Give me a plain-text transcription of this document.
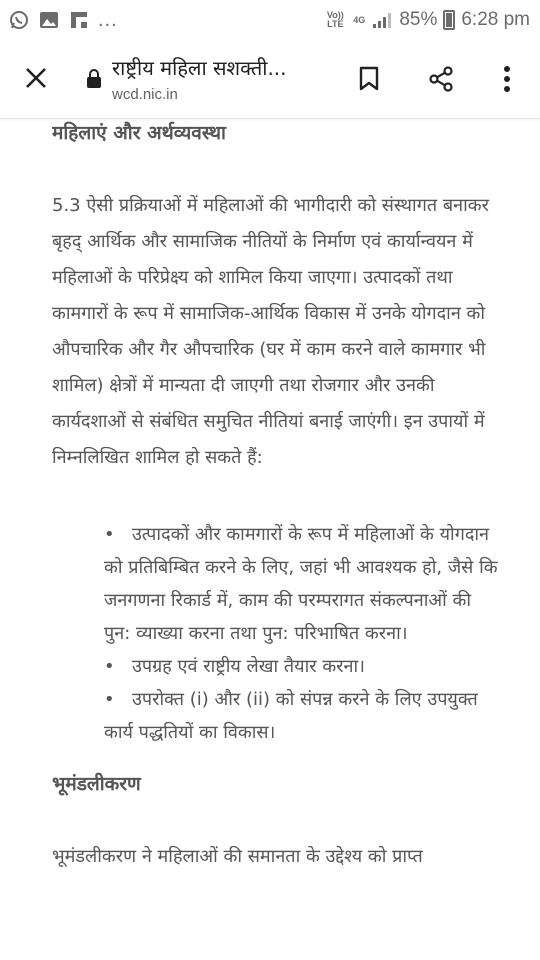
...	Vo)) LTE	4G 85% 6:28 pm
राष्ट्रीय महिला सशक्ती...
wcd.nic.in
महिलाएं और अर्थव्यवस्था

5.3 ऐसी प्रक्रियाओं में महिलाओं की भागीदारी को संस्थागत बनाकर बृहद् आर्थिक और सामाजिक नीतियों के निर्माण एवं कार्यान्वयन में महिलाओं के परिप्रेक्ष्य को शामिल किया जाएगा। उत्पादकों तथा कामगारों के रूप में सामाजिक-आर्थिक विकास में उनके योगदान को औपचारिक और गैर औपचारिक (घर में काम करने वाले कामगार भी शामिल) क्षेत्रों में मान्यता दी जाएगी तथा रोजगार और उनकी कार्यदशाओं से संबंधित समुचित नीतियां बनाई जाएंगी। इन उपायों में निम्नलिखित शामिल हो सकते हैं:

• उत्पादकों और कामगारों के रूप में महिलाओं के योगदान को प्रतिबिम्बित करने के लिए, जहां भी आवश्यक हो, जैसे कि जनगणना रिकार्ड में, काम की परम्परागत संकल्पनाओं की पुन: व्याख्या करना तथा पुन: परिभाषित करना।
• उपग्रह एवं राष्ट्रीय लेखा तैयार करना।
• उपरोक्त (i) और (ii) को संपन्न करने के लिए उपयुक्त कार्य पद्धतियों का विकास।
भूमंडलीकरण

भूमंडलीकरण ने महिलाओं की समानता के उद्देश्य को प्राप्त
